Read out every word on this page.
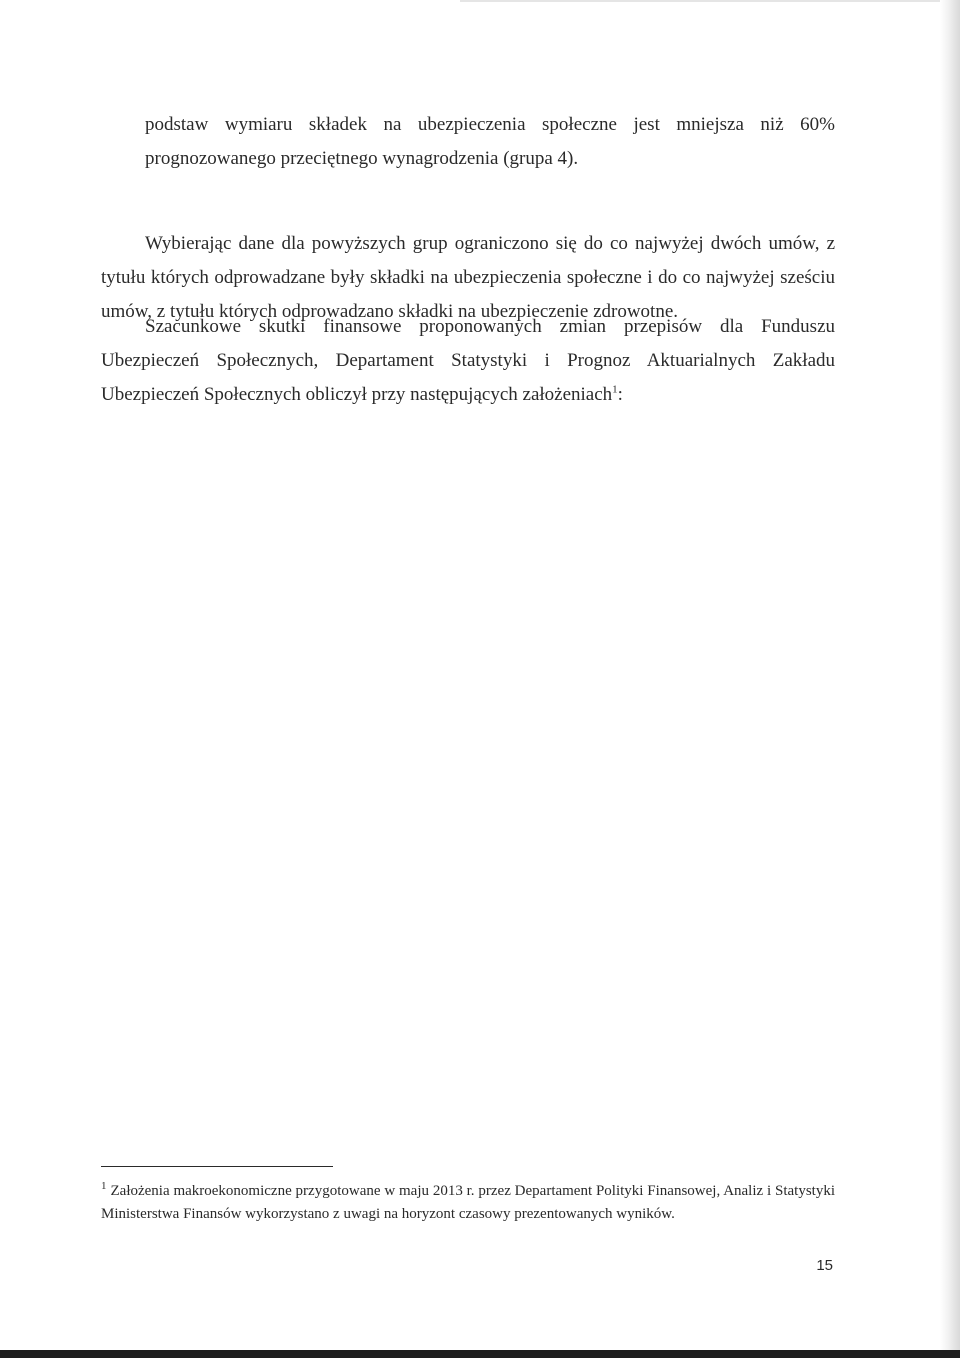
podstaw wymiaru składek na ubezpieczenia społeczne jest mniejsza niż 60%
prognozowanego przeciętnego wynagrodzenia (grupa 4).

Wybierając dane dla powyższych grup ograniczono się do co najwyżej dwóch umów, z tytułu których odprowadzane były składki na ubezpieczenia społeczne i do co najwyżej sześciu umów, z tytułu których odprowadzano składki na ubezpieczenie zdrowotne.

Szacunkowe skutki finansowe proponowanych zmian przepisów dla Funduszu Ubezpieczeń Społecznych, Departament Statystyki i Prognoz Aktuarialnych Zakładu Ubezpieczeń Społecznych obliczył przy następujących założeniach$^1$:

$^1$ Założenia makroekonomiczne przygotowane w maju 2013 r. przez Departament Polityki Finansowej, Analiz i Statystyki Ministerstwa Finansów wykorzystano z uwagi na horyzont czasowy prezentowanych wyników.
15
